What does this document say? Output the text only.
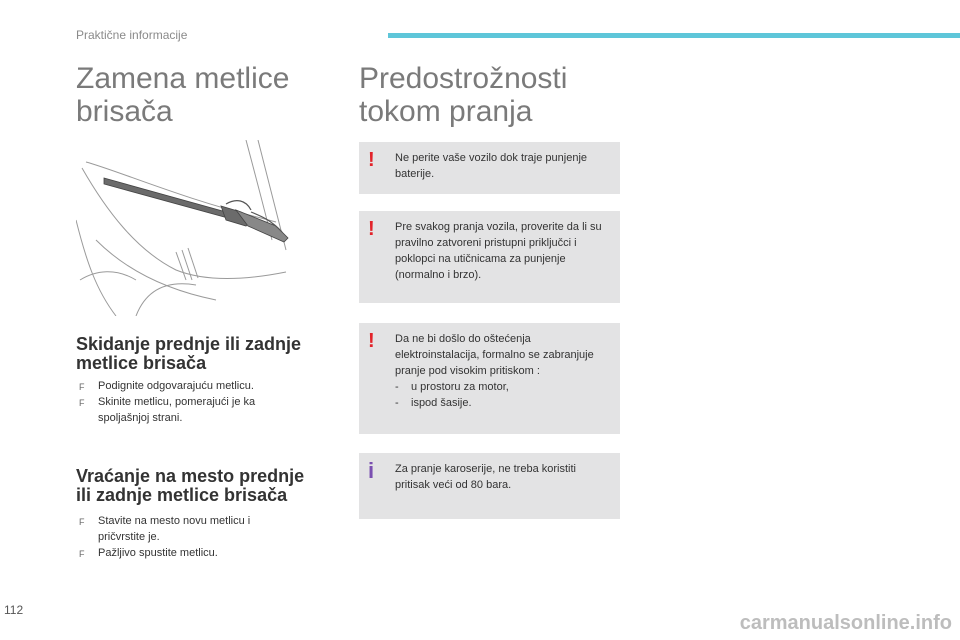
Praktične informacije
Zamena metlice
brisača
Predostrožnosti
tokom pranja
Skidanje prednje ili zadnje
metlice brisača
F Podignite odgovarajuću metlicu.
F Skinite metlicu, pomerajući je ka spoljašnjoj strani.
Vraćanje na mesto prednje
ili zadnje metlice brisača
F Stavite na mesto novu metlicu i pričvrstite je.
F Pažljivo spustite metlicu.
! Ne perite vaše vozilo dok traje punjenje baterije.

! Pre svakog pranja vozila, proverite da li su pravilno zatvoreni pristupni priključci i poklopci na utičnicama za punjenje (normalno i brzo).

! Da ne bi došlo do oštećenja elektroinstalacija, formalno se zabranjuje pranje pod visokim pritiskom :
- u prostoru za motor,
- ispod šasije.
i Za pranje karoserije, ne treba koristiti pritisak veći od 80 bara.

112
carmanualsonline.info
